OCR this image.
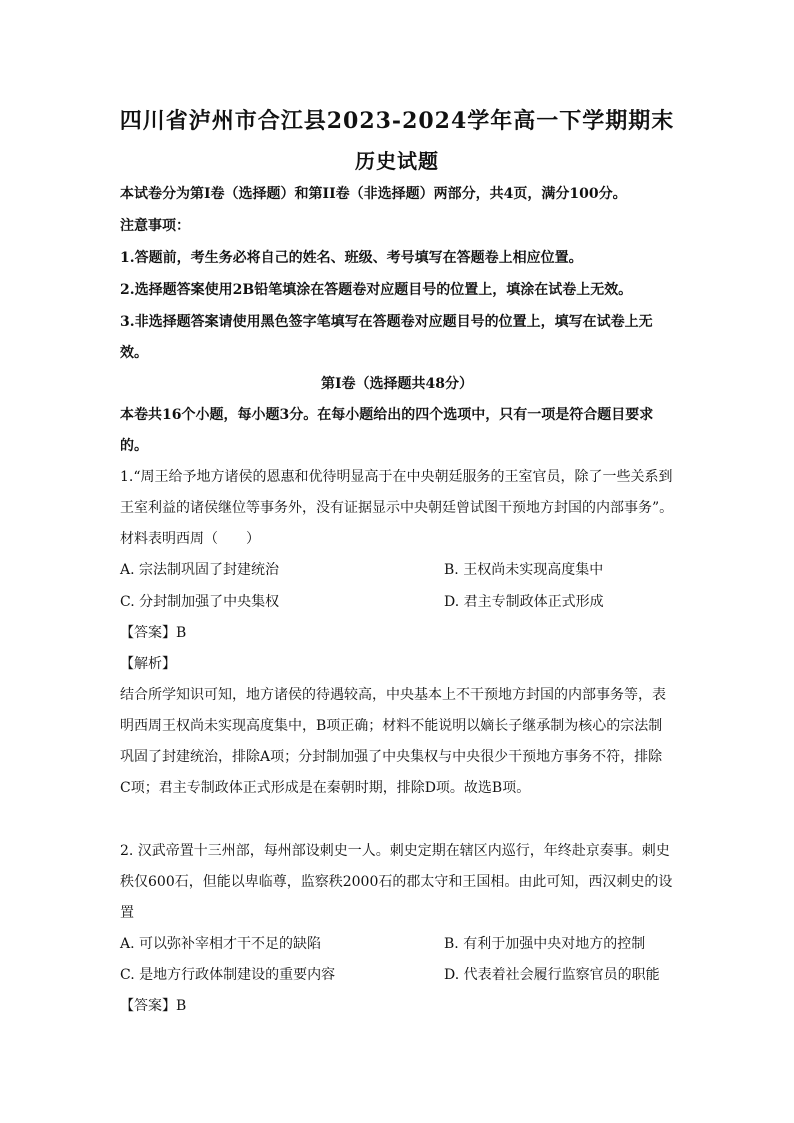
四川省泸州市合江县2023-2024学年高一下学期期末
历史试题
本试卷分为第I卷（选择题）和第II卷（非选择题）两部分，共4页，满分100分。
注意事项：
1.答题前，考生务必将自己的姓名、班级、考号填写在答题卷上相应位置。
2.选择题答案使用2B铅笔填涂在答题卷对应题目号的位置上，填涂在试卷上无效。
3.非选择题答案请使用黑色签字笔填写在答题卷对应题目号的位置上，填写在试卷上无
效。
第I卷（选择题共48分）
本卷共16个小题，每小题3分。在每小题给出的四个选项中，只有一项是符合题目要求
的。
1.“周王给予地方诸侯的恩惠和优待明显高于在中央朝廷服务的王室官员，除了一些关系到
王室利益的诸侯继位等事务外，没有证据显示中央朝廷曾试图干预地方封国的内部事务”。
材料表明西周（　　）
A. 宗法制巩固了封建统治	B. 王权尚未实现高度集中
C. 分封制加强了中央集权	D. 君主专制政体正式形成
【答案】B
【解析】
结合所学知识可知，地方诸侯的待遇较高，中央基本上不干预地方封国的内部事务等，表
明西周王权尚未实现高度集中，B项正确；材料不能说明以嫡长子继承制为核心的宗法制
巩固了封建统治，排除A项；分封制加强了中央集权与中央很少干预地方事务不符，排除
C项；君主专制政体正式形成是在秦朝时期，排除D项。故选B项。
2. 汉武帝置十三州部，每州部设刺史一人。刺史定期在辖区内巡行，年终赴京奏事。刺史
秩仅600石，但能以卑临尊，监察秩2000石的郡太守和王国相。由此可知，西汉刺史的设
置
A. 可以弥补宰相才干不足的缺陷	B. 有利于加强中央对地方的控制
C. 是地方行政体制建设的重要内容	D. 代表着社会履行监察官员的职能
【答案】B
